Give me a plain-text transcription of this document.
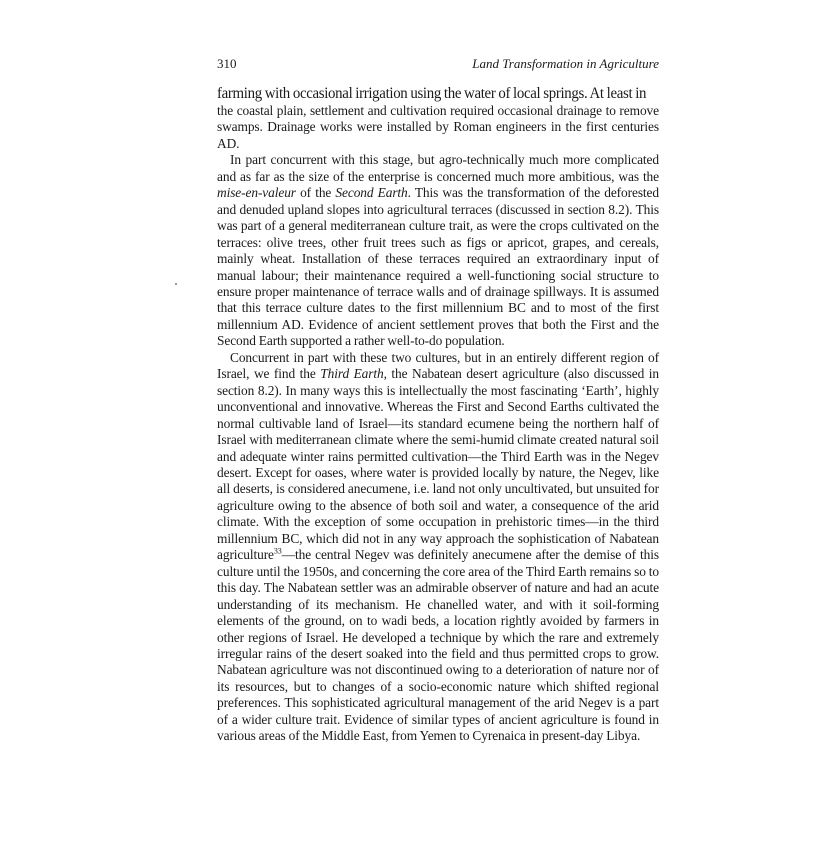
310	Land Transformation in Agriculture

farming with occasional irrigation using the water of local springs. At least in
the coastal plain, settlement and cultivation required occasional drainage to remove swamps. Drainage works were installed by Roman engineers in the first centuries AD.

In part concurrent with this stage, but agro-technically much more complicated and as far as the size of the enterprise is concerned much more ambitious, was the mise-en-valeur of the Second Earth. This was the transformation of the deforested and denuded upland slopes into agricultural terraces (discussed in section 8.2). This was part of a general mediterranean culture trait, as were the crops cultivated on the terraces: olive trees, other fruit trees such as figs or apricot, grapes, and cereals, mainly wheat. Installation of these terraces required an extraordinary input of manual labour; their maintenance required a well-functioning social structure to ensure proper maintenance of terrace walls and of drainage spillways. It is assumed that this terrace culture dates to the first millennium BC and to most of the first millennium AD. Evidence of ancient settlement proves that both the First and the Second Earth supported a rather well-to-do population.

Concurrent in part with these two cultures, but in an entirely different region of Israel, we find the Third Earth, the Nabatean desert agriculture (also discussed in section 8.2). In many ways this is intellectually the most fascinating ‘Earth’, highly unconventional and innovative. Whereas the First and Second Earths cultivated the normal cultivable land of Israel—its standard ecumene being the northern half of Israel with mediterranean climate where the semi-humid climate created natural soil and adequate winter rains permitted cultivation—the Third Earth was in the Negev desert. Except for oases, where water is provided locally by nature, the Negev, like all deserts, is considered anecumene, i.e. land not only uncultivated, but unsuited for agriculture owing to the absence of both soil and water, a consequence of the arid climate. With the exception of some occupation in prehistoric times—in the third millennium BC, which did not in any way approach the sophistication of Nabatean agriculture$^{33}$—the central Negev was definitely anecumene after the demise of this culture until the 1950s, and concerning the core area of the Third Earth remains so to this day. The Nabatean settler was an admirable observer of nature and had an acute understanding of its mechanism. He chanelled water, and with it soil-forming elements of the ground, on to wadi beds, a location rightly avoided by farmers in other regions of Israel. He developed a technique by which the rare and extremely irregular rains of the desert soaked into the field and thus permitted crops to grow. Nabatean agriculture was not discontinued owing to a deterioration of nature nor of its resources, but to changes of a socio-economic nature which shifted regional preferences. This sophisticated agricultural management of the arid Negev is a part of a wider culture trait. Evidence of similar types of ancient agriculture is found in various areas of the Middle East, from Yemen to Cyrenaica in present-day Libya.
